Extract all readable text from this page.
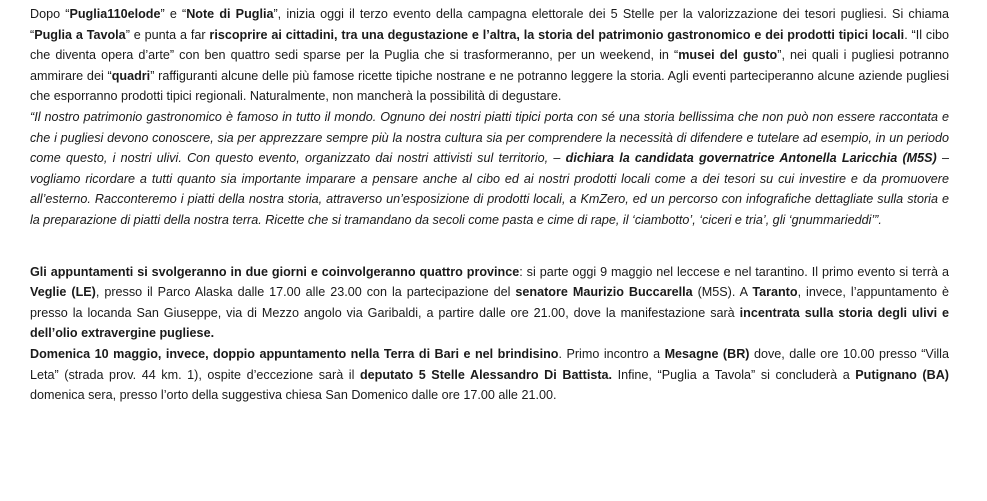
Dopo “Puglia110elode” e “Note di Puglia”, inizia oggi il terzo evento della campagna elettorale dei 5 Stelle per la valorizzazione dei tesori pugliesi. Si chiama “Puglia a Tavola” e punta a far riscoprire ai cittadini, tra una degustazione e l’altra, la storia del patrimonio gastronomico e dei prodotti tipici locali. “Il cibo che diventa opera d’arte” con ben quattro sedi sparse per la Puglia che si trasformeranno, per un weekend, in “musei del gusto”, nei quali i pugliesi potranno ammirare dei “quadri” raffiguranti alcune delle più famose ricette tipiche nostrane e ne potranno leggere la storia. Agli eventi parteciperanno alcune aziende pugliesi che esporranno prodotti tipici regionali. Naturalmente, non mancherà la possibilità di degustare.

“Il nostro patrimonio gastronomico è famoso in tutto il mondo. Ognuno dei nostri piatti tipici porta con sé una storia bellissima che non può non essere raccontata e che i pugliesi devono conoscere, sia per apprezzare sempre più la nostra cultura sia per comprendere la necessità di difendere e tutelare ad esempio, in un periodo come questo, i nostri ulivi. Con questo evento, organizzato dai nostri attivisti sul territorio, – dichiara la candidata governatrice Antonella Laricchia (M5S) – vogliamo ricordare a tutti quanto sia importante imparare a pensare anche al cibo ed ai nostri prodotti locali come a dei tesori su cui investire e da promuovere all’esterno. Racconteremo i piatti della nostra storia, attraverso un’esposizione di prodotti locali, a KmZero, ed un percorso con infografiche dettagliate sulla storia e la preparazione di piatti della nostra terra. Ricette che si tramandano da secoli come pasta e cime di rape, il ‘ciambotto’, ‘ciceri e tria’, gli ‘gnummarieddi’”.

Gli appuntamenti si svolgeranno in due giorni e coinvolgeranno quattro province: si parte oggi 9 maggio nel leccese e nel tarantino. Il primo evento si terrà a Veglie (LE), presso il Parco Alaska dalle 17.00 alle 23.00 con la partecipazione del senatore Maurizio Buccarella (M5S). A Taranto, invece, l’appuntamento è presso la locanda San Giuseppe, via di Mezzo angolo via Garibaldi, a partire dalle ore 21.00, dove la manifestazione sarà incentrata sulla storia degli ulivi e dell’olio extravergine pugliese.

Domenica 10 maggio, invece, doppio appuntamento nella Terra di Bari e nel brindisino. Primo incontro a Mesagne (BR) dove, dalle ore 10.00 presso “Villa Leta” (strada prov. 44 km. 1), ospite d’eccezione sarà il deputato 5 Stelle Alessandro Di Battista. Infine, “Puglia a Tavola” si concluderà a Putignano (BA) domenica sera, presso l’orto della suggestiva chiesa San Domenico dalle ore 17.00 alle 21.00.
